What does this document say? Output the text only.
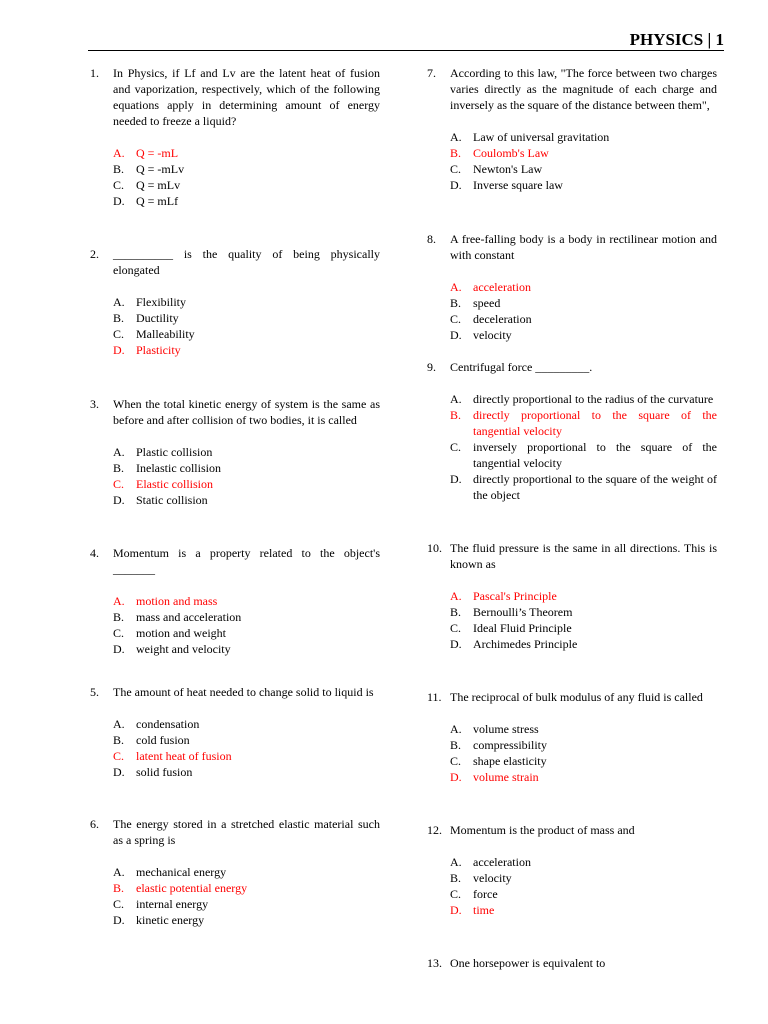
PHYSICS | 1
1. In Physics, if Lf and Lv are the latent heat of fusion and vaporization, respectively, which of the following equations apply in determining amount of energy needed to freeze a liquid?
A. Q = -mL
B. Q = -mLv
C. Q = mLv
D. Q = mLf
2. __________ is the quality of being physically elongated
A. Flexibility
B. Ductility
C. Malleability
D. Plasticity
3. When the total kinetic energy of system is the same as before and after collision of two bodies, it is called
A. Plastic collision
B. Inelastic collision
C. Elastic collision
D. Static collision
4. Momentum is a property related to the object's _______
A. motion and mass
B. mass and acceleration
C. motion and weight
D. weight and velocity
5. The amount of heat needed to change solid to liquid is
A. condensation
B. cold fusion
C. latent heat of fusion
D. solid fusion
6. The energy stored in a stretched elastic material such as a spring is
A. mechanical energy
B. elastic potential energy
C. internal energy
D. kinetic energy
7. According to this law, "The force between two charges varies directly as the magnitude of each charge and inversely as the square of the distance between them",
A. Law of universal gravitation
B. Coulomb's Law
C. Newton's Law
D. Inverse square law
8. A free-falling body is a body in rectilinear motion and with constant
A. acceleration
B. speed
C. deceleration
D. velocity
9. Centrifugal force _________.
A. directly proportional to the radius of the curvature
B. directly proportional to the square of the tangential velocity
C. inversely proportional to the square of the tangential velocity
D. directly proportional to the square of the weight of the object
10. The fluid pressure is the same in all directions. This is known as
A. Pascal's Principle
B. Bernoulli’s Theorem
C. Ideal Fluid Principle
D. Archimedes Principle
11. The reciprocal of bulk modulus of any fluid is called
A. volume stress
B. compressibility
C. shape elasticity
D. volume strain
12. Momentum is the product of mass and
A. acceleration
B. velocity
C. force
D. time
13. One horsepower is equivalent to
